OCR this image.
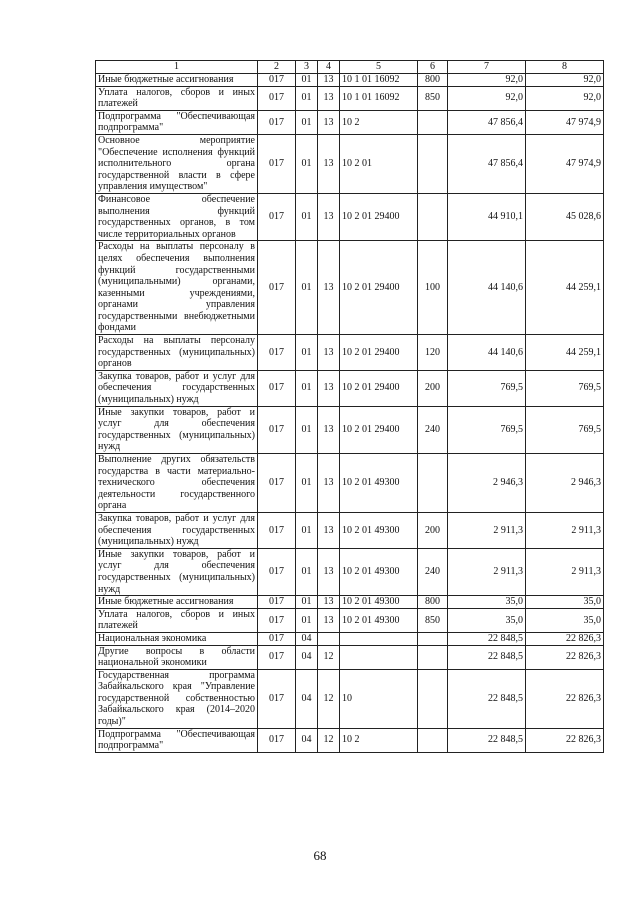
1	2	3	4	5	6	7	8
Иные бюджетные ассигнования	017	01	13	10 1 01 16092	800	92,0	92,0
Уплата налогов, сборов и иных платежей	017	01	13	10 1 01 16092	850	92,0	92,0
Подпрограмма "Обеспечивающая подпрограмма"	017	01	13	10 2		47 856,4	47 974,9
Основное мероприятие "Обеспечение исполнения функций исполнительного органа государственной власти в сфере управления имуществом"	017	01	13	10 2 01		47 856,4	47 974,9
Финансовое обеспечение выполнения функций государственных органов, в том числе территориальных органов	017	01	13	10 2 01 29400		44 910,1	45 028,6
Расходы на выплаты персоналу в целях обеспечения выполнения функций государственными (муниципальными) органами, казенными учреждениями, органами управления государственными внебюджетными фондами	017	01	13	10 2 01 29400	100	44 140,6	44 259,1
Расходы на выплаты персоналу государственных (муниципальных) органов	017	01	13	10 2 01 29400	120	44 140,6	44 259,1
Закупка товаров, работ и услуг для обеспечения государственных (муниципальных) нужд	017	01	13	10 2 01 29400	200	769,5	769,5
Иные закупки товаров, работ и услуг для обеспечения государственных (муниципальных) нужд	017	01	13	10 2 01 29400	240	769,5	769,5
Выполнение других обязательств государства в части материально-технического обеспечения деятельности государственного органа	017	01	13	10 2 01 49300		2 946,3	2 946,3
Закупка товаров, работ и услуг для обеспечения государственных (муниципальных) нужд	017	01	13	10 2 01 49300	200	2 911,3	2 911,3
Иные закупки товаров, работ и услуг для обеспечения государственных (муниципальных) нужд	017	01	13	10 2 01 49300	240	2 911,3	2 911,3
Иные бюджетные ассигнования	017	01	13	10 2 01 49300	800	35,0	35,0
Уплата налогов, сборов и иных платежей	017	01	13	10 2 01 49300	850	35,0	35,0
Национальная экономика	017	04				22 848,5	22 826,3
Другие вопросы в области национальной экономики	017	04	12			22 848,5	22 826,3
Государственная программа Забайкальского края "Управление государственной собственностью Забайкальского края (2014–2020 годы)"	017	04	12	10		22 848,5	22 826,3
Подпрограмма "Обеспечивающая подпрограмма"	017	04	12	10 2		22 848,5	22 826,3
68
